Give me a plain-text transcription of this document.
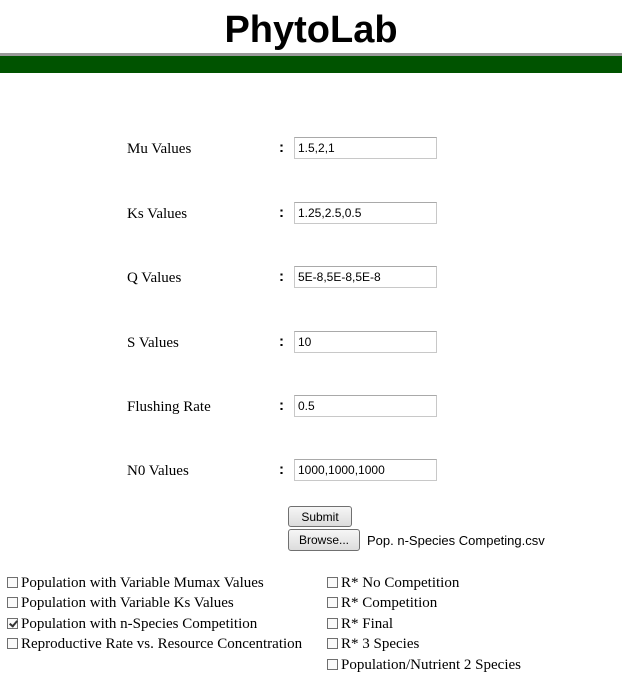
PhytoLab
Mu Values	:
1.5,2,1
Ks Values	:
1.25,2.5,0.5
Q Values	:
5E-8,5E-8,5E-8
S Values	:
10
Flushing Rate	:
0.5
N0 Values	:
1000,1000,1000
Submit
Browse...	Pop. n-Species Competing.csv
Population with Variable Mumax Values
Population with Variable Ks Values
Population with n-Species Competition
Reproductive Rate vs. Resource Concentration
R* No Competition
R* Competition
R* Final
R* 3 Species
Population/Nutrient 2 Species
